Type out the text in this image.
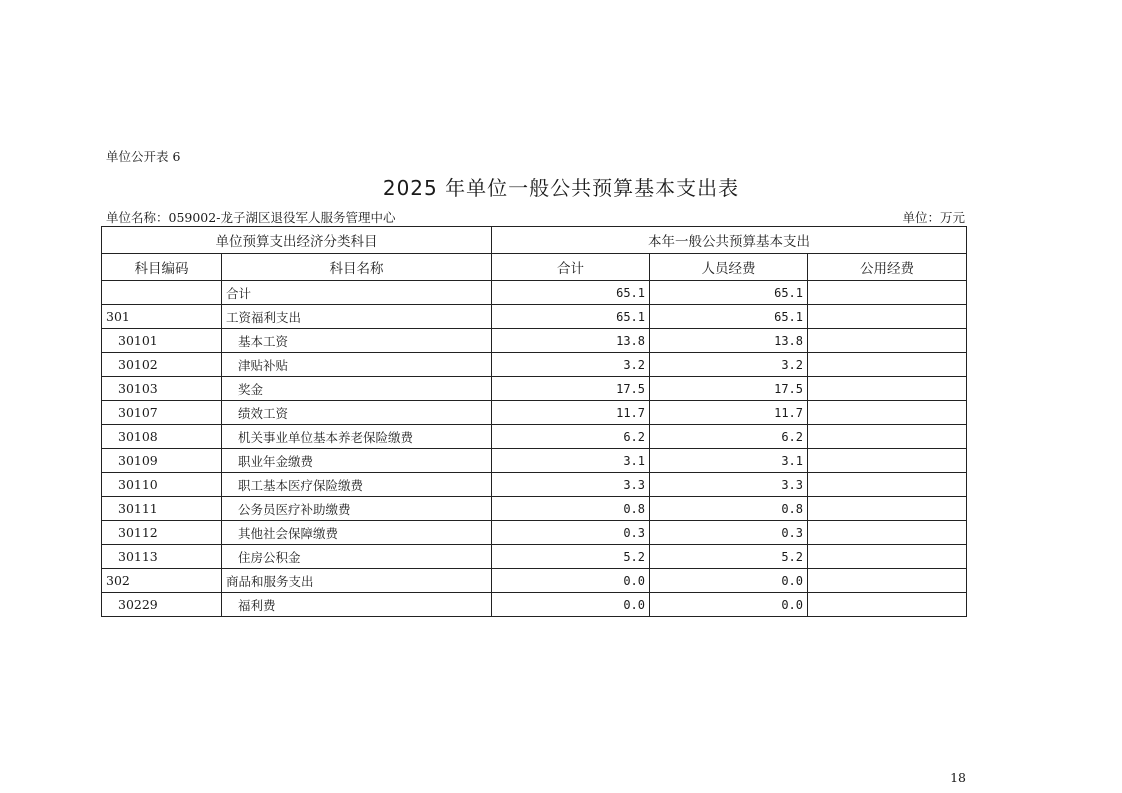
单位公开表 6
2025 年单位一般公共预算基本支出表
单位名称：059002-龙子湖区退役军人服务管理中心	单位：万元
单位预算支出经济分类科目		本年一般公共预算基本支出		
科目编码	科目名称	合计	人员经费	公用经费
	合计	65.1	65.1	
301	工资福利支出	65.1	65.1	
30101	基本工资	13.8	13.8	
30102	津贴补贴	3.2	3.2	
30103	奖金	17.5	17.5	
30107	绩效工资	11.7	11.7	
30108	机关事业单位基本养老保险缴费	6.2	6.2	
30109	职业年金缴费	3.1	3.1	
30110	职工基本医疗保险缴费	3.3	3.3	
30111	公务员医疗补助缴费	0.8	0.8	
30112	其他社会保障缴费	0.3	0.3	
30113	住房公积金	5.2	5.2	
302	商品和服务支出	0.0	0.0	
30229	福利费	0.0	0.0	
18
